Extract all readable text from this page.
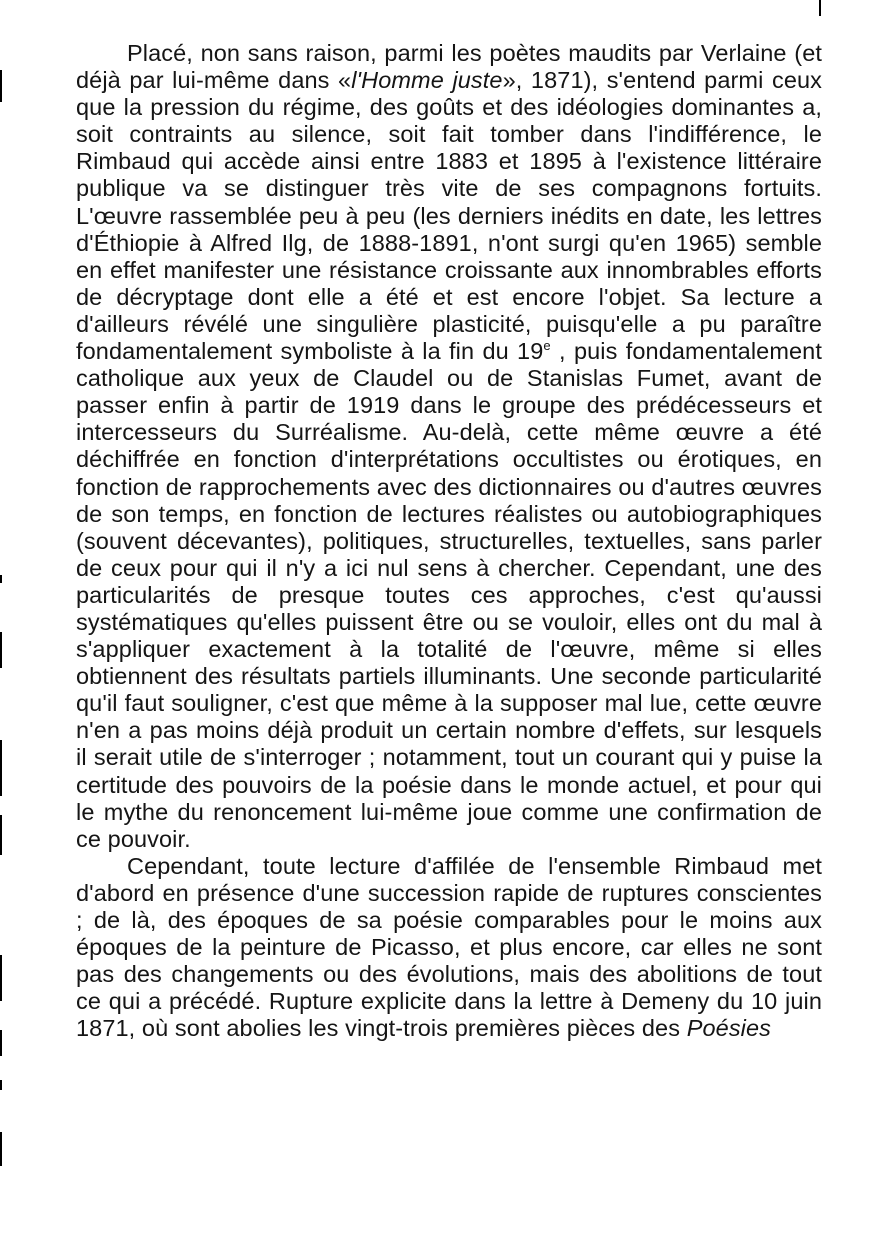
Placé, non sans raison, parmi les poètes maudits par Verlaine (et déjà par lui-même dans «l'Homme juste», 1871), s'entend parmi ceux que la pression du régime, des goûts et des idéologies dominantes a, soit contraints au silence, soit fait tomber dans l'indifférence, le Rimbaud qui accède ainsi entre 1883 et 1895 à l'existence littéraire publique va se distinguer très vite de ses compagnons fortuits. L'œuvre rassemblée peu à peu (les derniers inédits en date, les lettres d'Éthiopie à Alfred Ilg, de 1888-1891, n'ont surgi qu'en 1965) semble en effet manifester une résistance croissante aux innombrables efforts de décryptage dont elle a été et est encore l'objet. Sa lecture a d'ailleurs révélé une singulière plasticité, puisqu'elle a pu paraître fondamentalement symboliste à la fin du 19e , puis fondamentalement catholique aux yeux de Claudel ou de Stanislas Fumet, avant de passer enfin à partir de 1919 dans le groupe des prédécesseurs et intercesseurs du Surréalisme. Au-delà, cette même œuvre a été déchiffrée en fonction d'interprétations occultistes ou érotiques, en fonction de rapprochements avec des dictionnaires ou d'autres œuvres de son temps, en fonction de lectures réalistes ou autobiographiques (souvent décevantes), politiques, structurelles, textuelles, sans parler de ceux pour qui il n'y a ici nul sens à chercher. Cependant, une des particularités de presque toutes ces approches, c'est qu'aussi systématiques qu'elles puissent être ou se vouloir, elles ont du mal à s'appliquer exactement à la totalité de l'œuvre, même si elles obtiennent des résultats partiels illuminants. Une seconde particularité qu'il faut souligner, c'est que même à la supposer mal lue, cette œuvre n'en a pas moins déjà produit un certain nombre d'effets, sur lesquels il serait utile de s'interroger ; notamment, tout un courant qui y puise la certitude des pouvoirs de la poésie dans le monde actuel, et pour qui le mythe du renoncement lui-même joue comme une confirmation de ce pouvoir.

Cependant, toute lecture d'affilée de l'ensemble Rimbaud met d'abord en présence d'une succession rapide de ruptures conscientes ; de là, des époques de sa poésie comparables pour le moins aux époques de la peinture de Picasso, et plus encore, car elles ne sont pas des changements ou des évolutions, mais des abolitions de tout ce qui a précédé. Rupture explicite dans la lettre à Demeny du 10 juin 1871, où sont abolies les vingt-trois premières pièces des Poésies
